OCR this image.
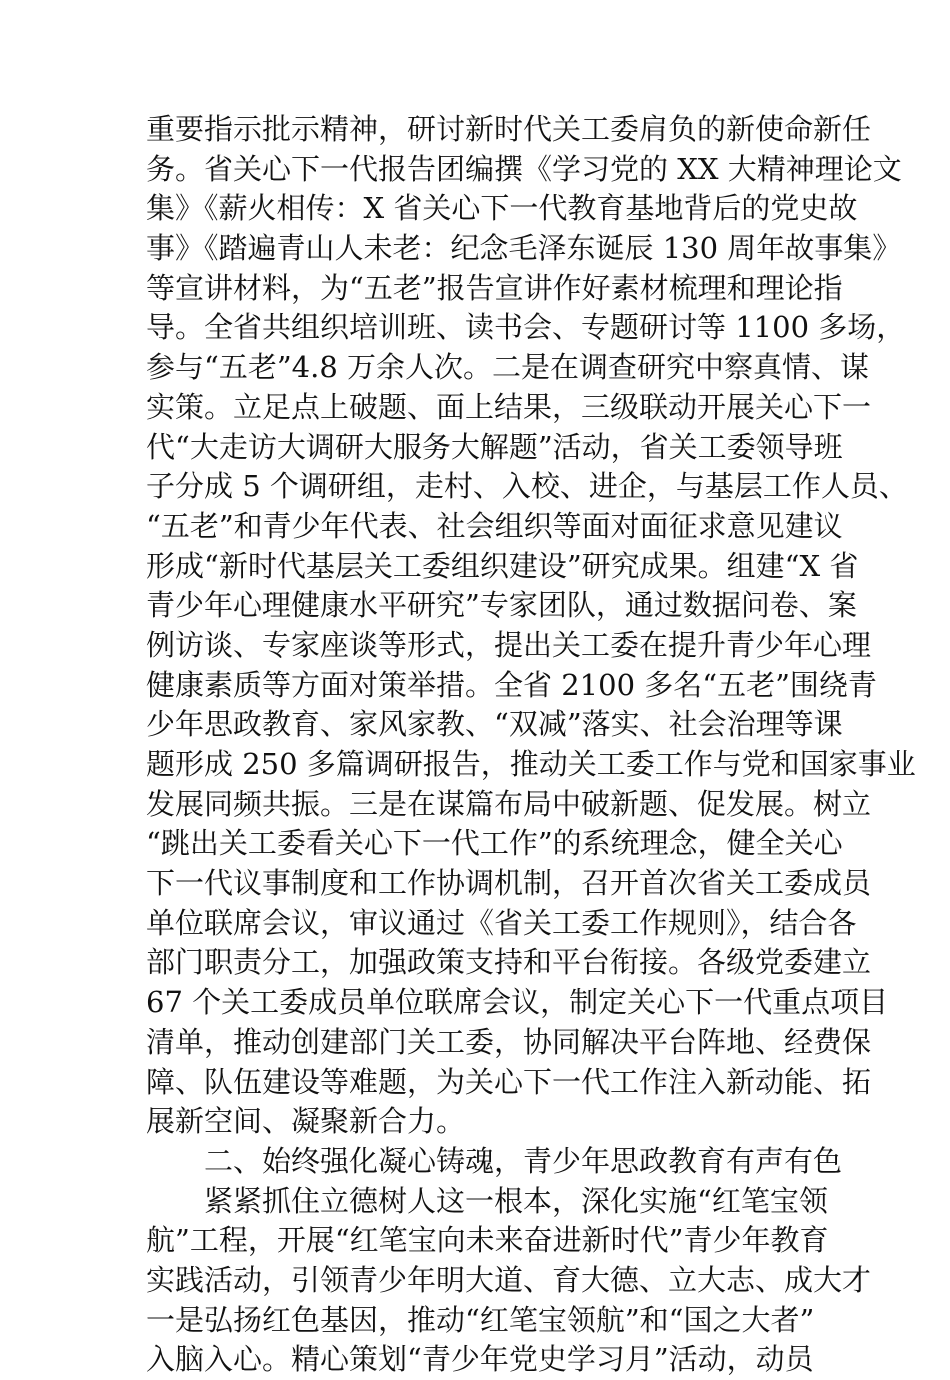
重要指示批示精神，研讨新时代关工委肩负的新使命新任
务。省关心下一代报告团编撰《学习党的 XX 大精神理论文
集》《薪火相传：X 省关心下一代教育基地背后的党史故
事》《踏遍青山人未老：纪念毛泽东诞辰 130 周年故事集》
等宣讲材料，为“五老”报告宣讲作好素材梳理和理论指
导。全省共组织培训班、读书会、专题研讨等 1100 多场，
参与“五老”4.8 万余人次。二是在调查研究中察真情、谋
实策。立足点上破题、面上结果，三级联动开展关心下一
代“大走访大调研大服务大解题”活动，省关工委领导班
子分成 5 个调研组，走村、入校、进企，与基层工作人员、
“五老”和青少年代表、社会组织等面对面征求意见建议
形成“新时代基层关工委组织建设”研究成果。组建“X 省
青少年心理健康水平研究”专家团队，通过数据问卷、案
例访谈、专家座谈等形式，提出关工委在提升青少年心理
健康素质等方面对策举措。全省 2100 多名“五老”围绕青
少年思政教育、家风家教、“双减”落实、社会治理等课
题形成 250 多篇调研报告，推动关工委工作与党和国家事业
发展同频共振。三是在谋篇布局中破新题、促发展。树立
“跳出关工委看关心下一代工作”的系统理念，健全关心
下一代议事制度和工作协调机制，召开首次省关工委成员
单位联席会议，审议通过《省关工委工作规则》，结合各
部门职责分工，加强政策支持和平台衔接。各级党委建立
67 个关工委成员单位联席会议，制定关心下一代重点项目
清单，推动创建部门关工委，协同解决平台阵地、经费保
障、队伍建设等难题，为关心下一代工作注入新动能、拓
展新空间、凝聚新合力。
二、始终强化凝心铸魂，青少年思政教育有声有色
紧紧抓住立德树人这一根本，深化实施“红笔宝领
航”工程，开展“红笔宝向未来奋进新时代”青少年教育
实践活动，引领青少年明大道、育大德、立大志、成大才
一是弘扬红色基因，推动“红笔宝领航”和“国之大者”
入脑入心。精心策划“青少年党史学习月”活动，动员
